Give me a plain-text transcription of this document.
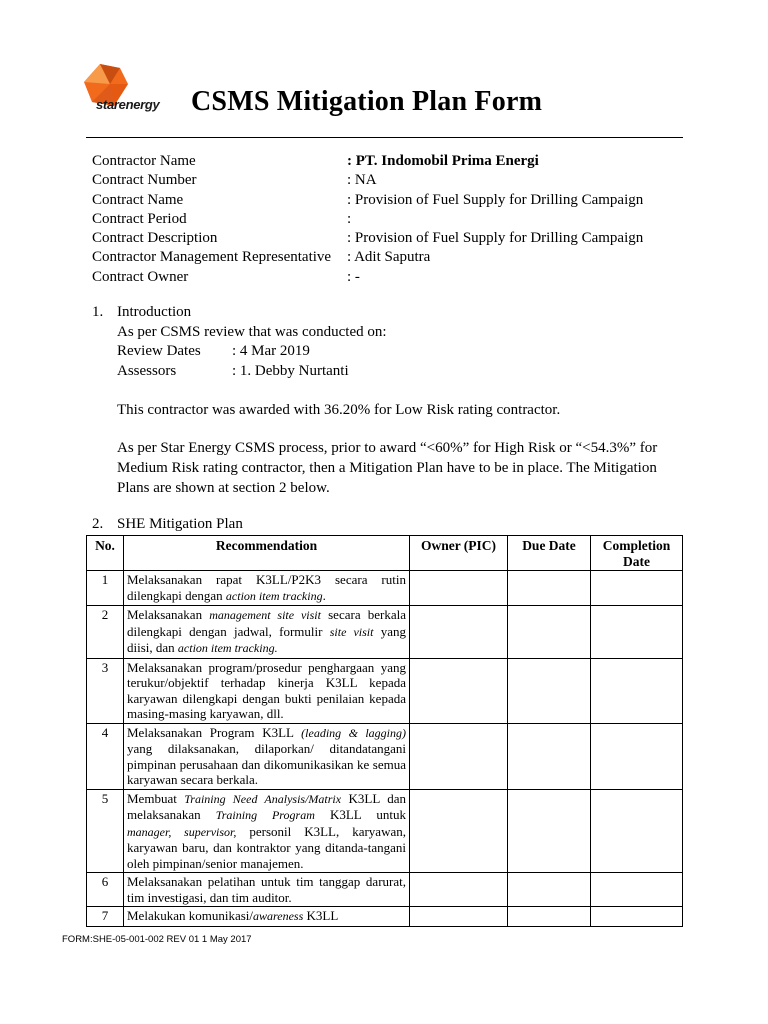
starenergy CSMS Mitigation Plan Form
Contractor Name	: PT. Indomobil Prima Energi
Contract Number	: NA
Contract Name	: Provision of Fuel Supply for Drilling Campaign
Contract Period	:
Contract Description	: Provision of Fuel Supply for Drilling Campaign
Contractor Management Representative : Adit Saputra
Contract Owner	: -
1. Introduction
As per CSMS review that was conducted on:
Review Dates : 4 Mar 2019
Assessors	: 1. Debby Nurtanti
This contractor was awarded with 36.20% for Low Risk rating contractor.
As per Star Energy CSMS process, prior to award “<60%” for High Risk or “<54.3%” for Medium Risk rating contractor, then a Mitigation Plan have to be in place. The Mitigation Plans are shown at section 2 below.
2. SHE Mitigation Plan
No.	Recommendation	Owner (PIC)	Due Date	Completion Date
1	Melaksanakan rapat K3LL/P2K3 secara rutin dilengkapi dengan action item tracking.			
2	Melaksanakan management site visit secara berkala dilengkapi dengan jadwal, formulir site visit yang diisi, dan action item tracking.			
3	Melaksanakan program/prosedur penghargaan yang terukur/objektif terhadap kinerja K3LL kepada karyawan dilengkapi dengan bukti penilaian kepada masing-masing karyawan, dll.			
4	Melaksanakan Program K3LL (leading & lagging) yang dilaksanakan, dilaporkan/ ditandatangani pimpinan perusahaan dan dikomunikasikan ke semua karyawan secara berkala.			
5	Membuat Training Need Analysis/Matrix K3LL dan melaksanakan Training Program K3LL untuk manager, supervisor, personil K3LL, karyawan, karyawan baru, dan kontraktor yang ditanda-tangani oleh pimpinan/senior manajemen.			
6	Melaksanakan pelatihan untuk tim tanggap darurat, tim investigasi, dan tim auditor.			
7	Melakukan komunikasi/awareness K3LL			
FORM:SHE-05-001-002 REV 01 1 May 2017
